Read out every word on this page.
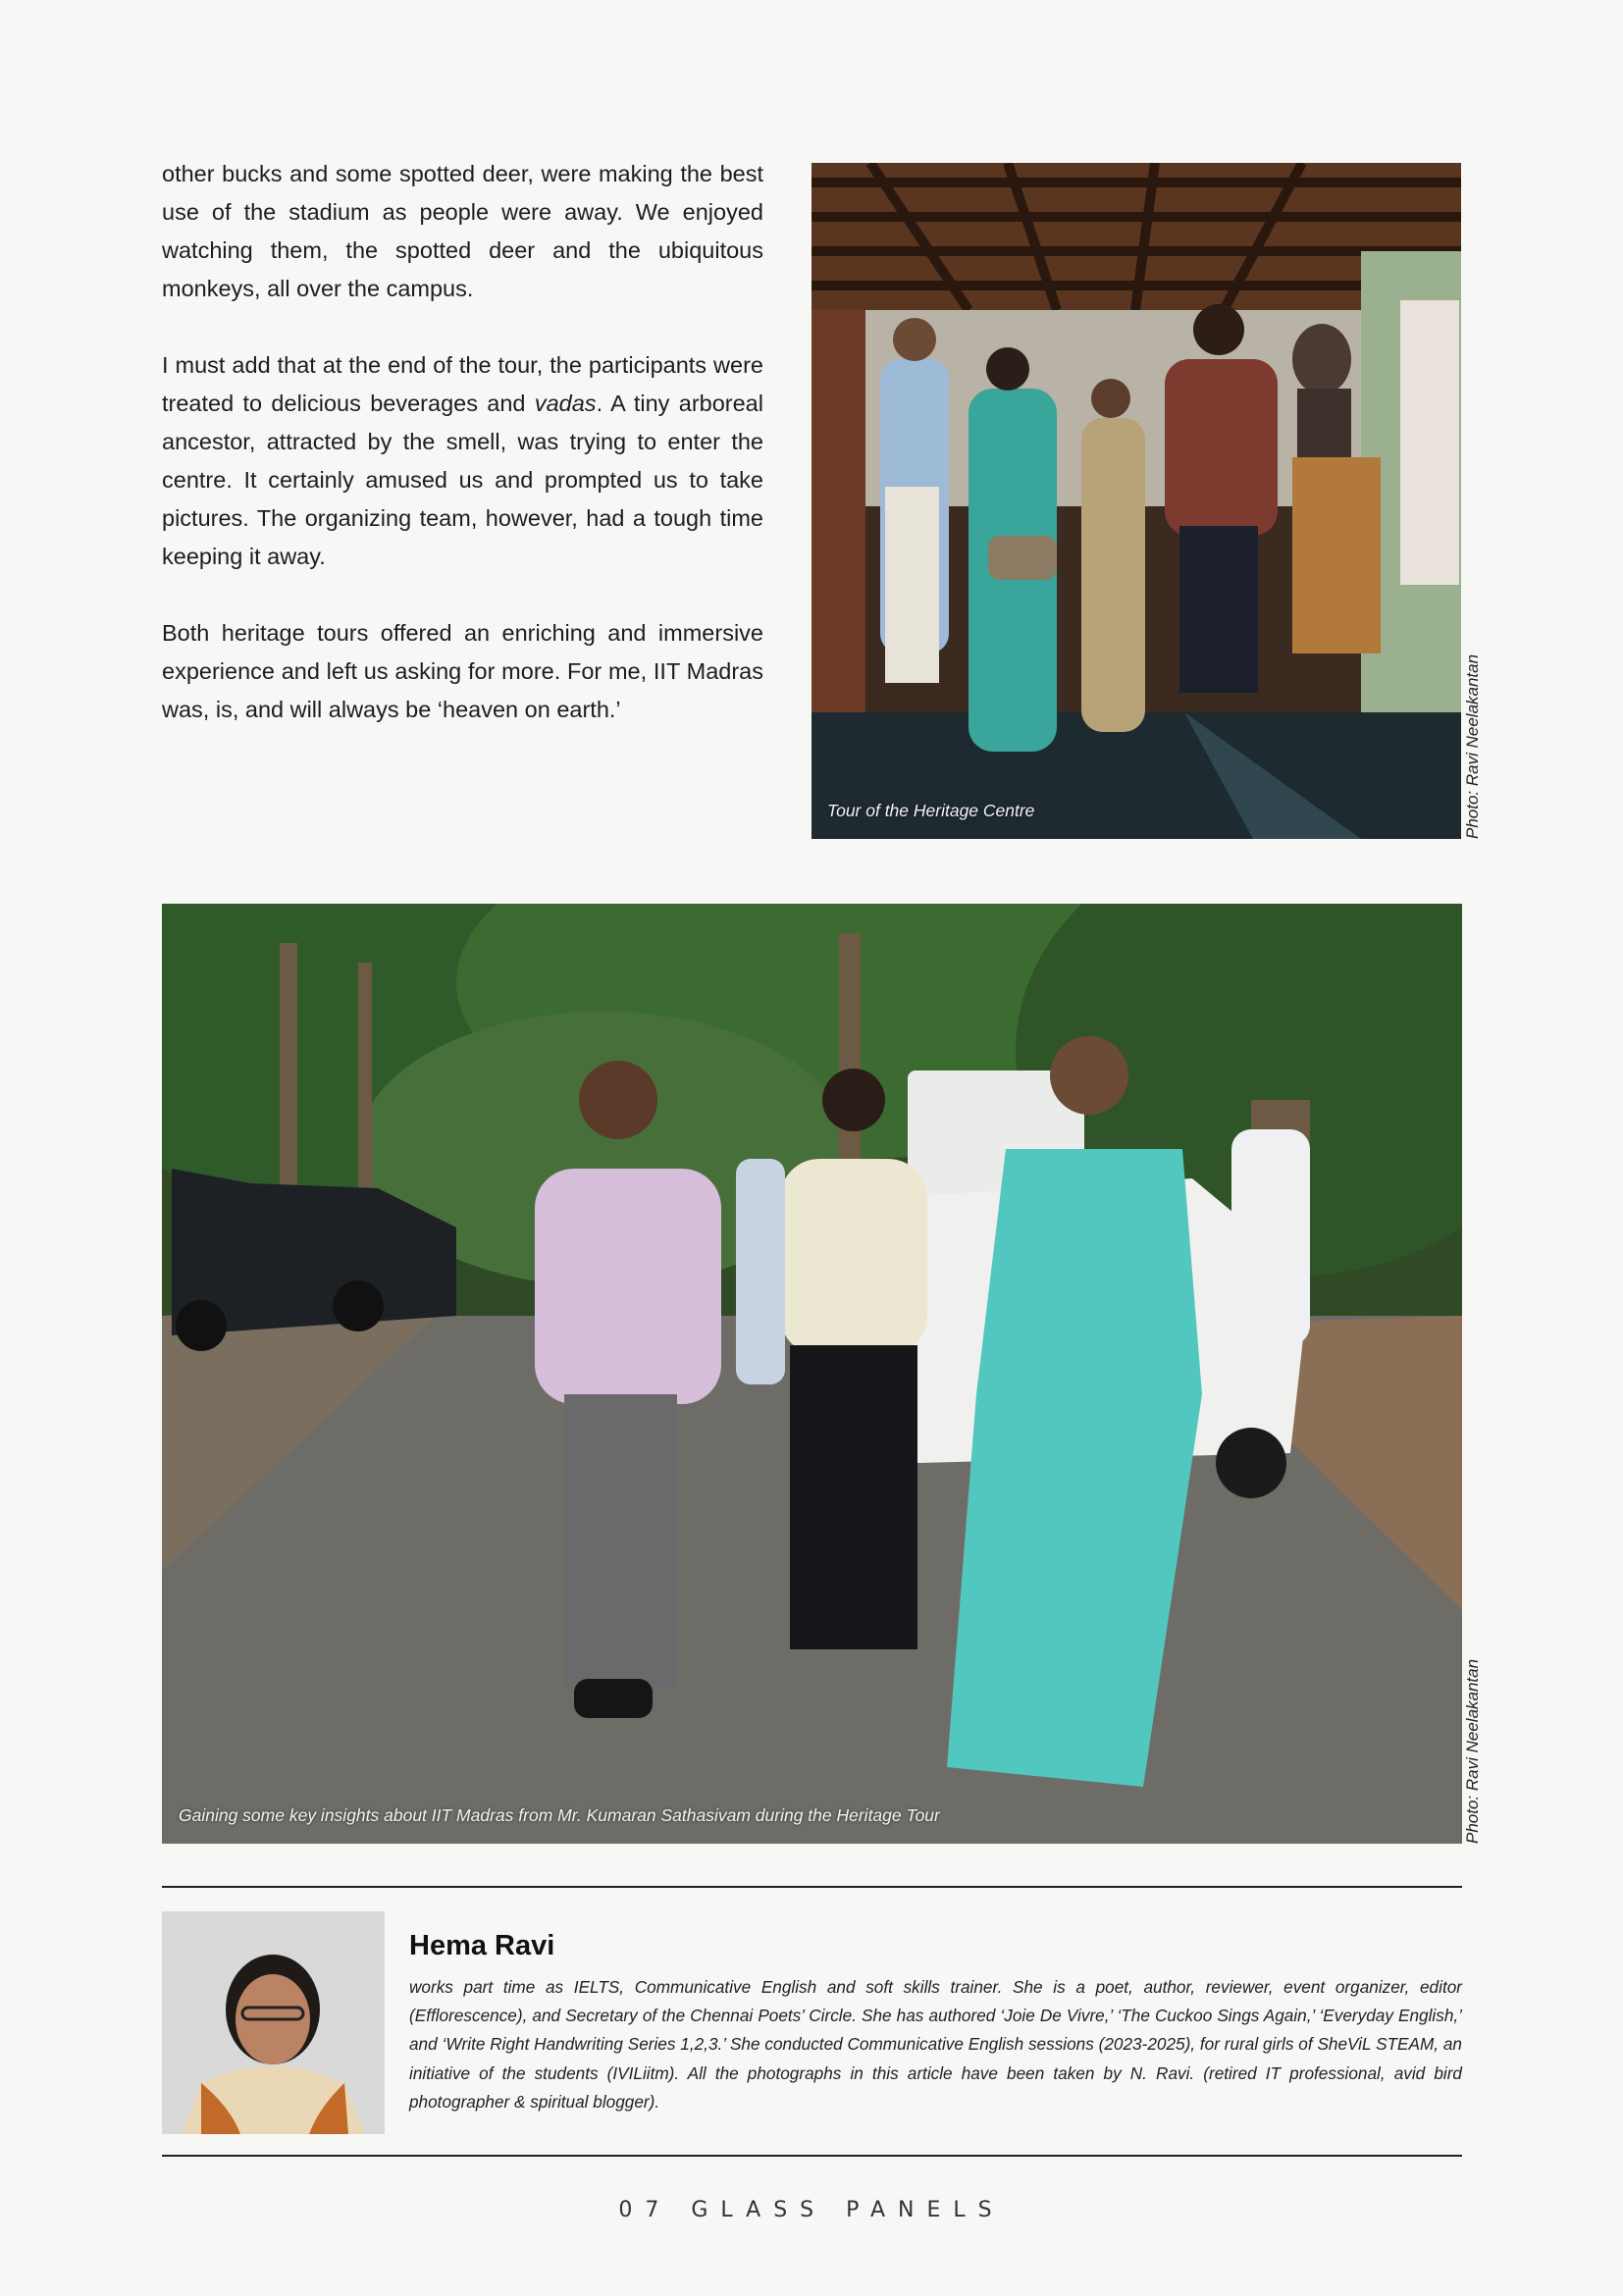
other bucks and some spotted deer, were making the best use of the stadium as people were away. We enjoyed watching them, the spotted deer and the ubiquitous monkeys, all over the campus.

I must add that at the end of the tour, the participants were treated to delicious beverages and vadas. A tiny arboreal ancestor, attracted by the smell, was trying to enter the centre. It certainly amused us and prompted us to take pictures. The organizing team, however, had a tough time keeping it away.

Both heritage tours offered an enriching and immersive experience and left us asking for more. For me, IIT Madras was, is, and will always be ‘heaven on earth.’

Tour of the Heritage Centre	Photo: Ravi Neelakantan
Gaining some key insights about IIT Madras from Mr. Kumaran Sathasivam during the Heritage Tour	Photo: Ravi Neelakantan
Hema Ravi
works part time as IELTS, Communicative English and soft skills trainer. She is a poet, author, reviewer, event organizer, editor (Efflorescence), and Secretary of the Chennai Poets’ Circle. She has authored ‘Joie De Vivre,’ ‘The Cuckoo Sings Again,’ ‘Everyday English,’ and ‘Write Right Handwriting Series 1,2,3.’ She conducted Communicative English sessions (2023-2025), for rural girls of SheViL STEAM, an initiative of the students (IVILiitm). All the photographs in this article have been taken by N. Ravi. (retired IT professional, avid bird photographer & spiritual blogger).
07 GLASS PANELS
